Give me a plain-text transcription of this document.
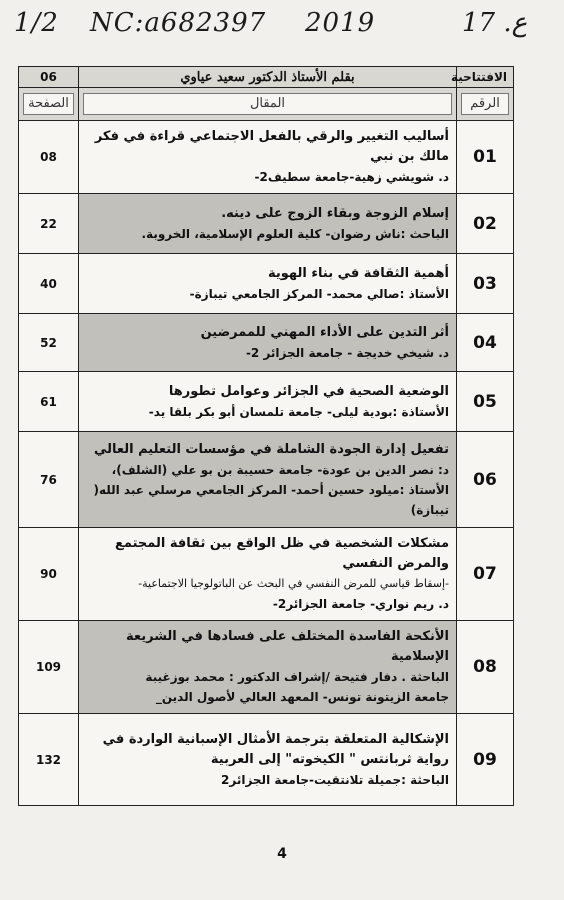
1/2 NC:a682397 2019	ع. 17
الافتتاحية	بقلم الأستاذ الدكتور سعيد عياوي	06

الرقم	المقال	الصفحة

01	أساليب التغيير والرقي بالفعل الاجتماعي قراءة في فكر مالك بن نبي
د. شويشي زهية-جامعة سطيف2-	08
02	إسلام الزوجة وبقاء الزوج على دينه.
الباحث :ناش رضوان- كلية العلوم الإسلامية، الخروبة.	22
03	أهمية الثقافة في بناء الهوية
الأستاذ :صالي محمد- المركز الجامعي تيبازة-	40
04	أثر التدين على الأداء المهني للممرضين
د. شيخي خديجة - جامعة الجزائر 2-	52
05	الوضعية الصحية في الجزائر وعوامل تطورها
الأستاذة :بودية ليلى- جامعة تلمسان أبو بكر بلقا يد-	61
06	تفعيل إدارة الجودة الشاملة في مؤسسات التعليم العالي
د: نصر الدين بن عودة- جامعة حسيبة بن بو علي (الشلف)،
الأستاذ :ميلود حسين أحمد- المركز الجامعي مرسلي عبد الله( تيبازة)	76
07	مشكلات الشخصية في ظل الواقع بين ثقافة المجتمع والمرض النفسي
-إسقاط قياسي للمرض النفسي في البحث عن الباتولوجيا الاجتماعية-
د. ريم نواري- جامعة الجزائر2-	90
08	الأنكحة الفاسدة المختلف على فسادها في الشريعة الإسلامية
الباحثة . دفار فتيحة /إشراف الدكتور : محمد بوزغيبة
جامعة الزيتونة تونس- المعهد العالي لأصول الدين_	109
09	الإشكالية المتعلقة بترجمة الأمثال الإسبانية الواردة في
رواية ثربانتس " الكيخوته" إلى العربية
الباحثة :جميلة تلانتقيت-جامعة الجزائر2	132
4
